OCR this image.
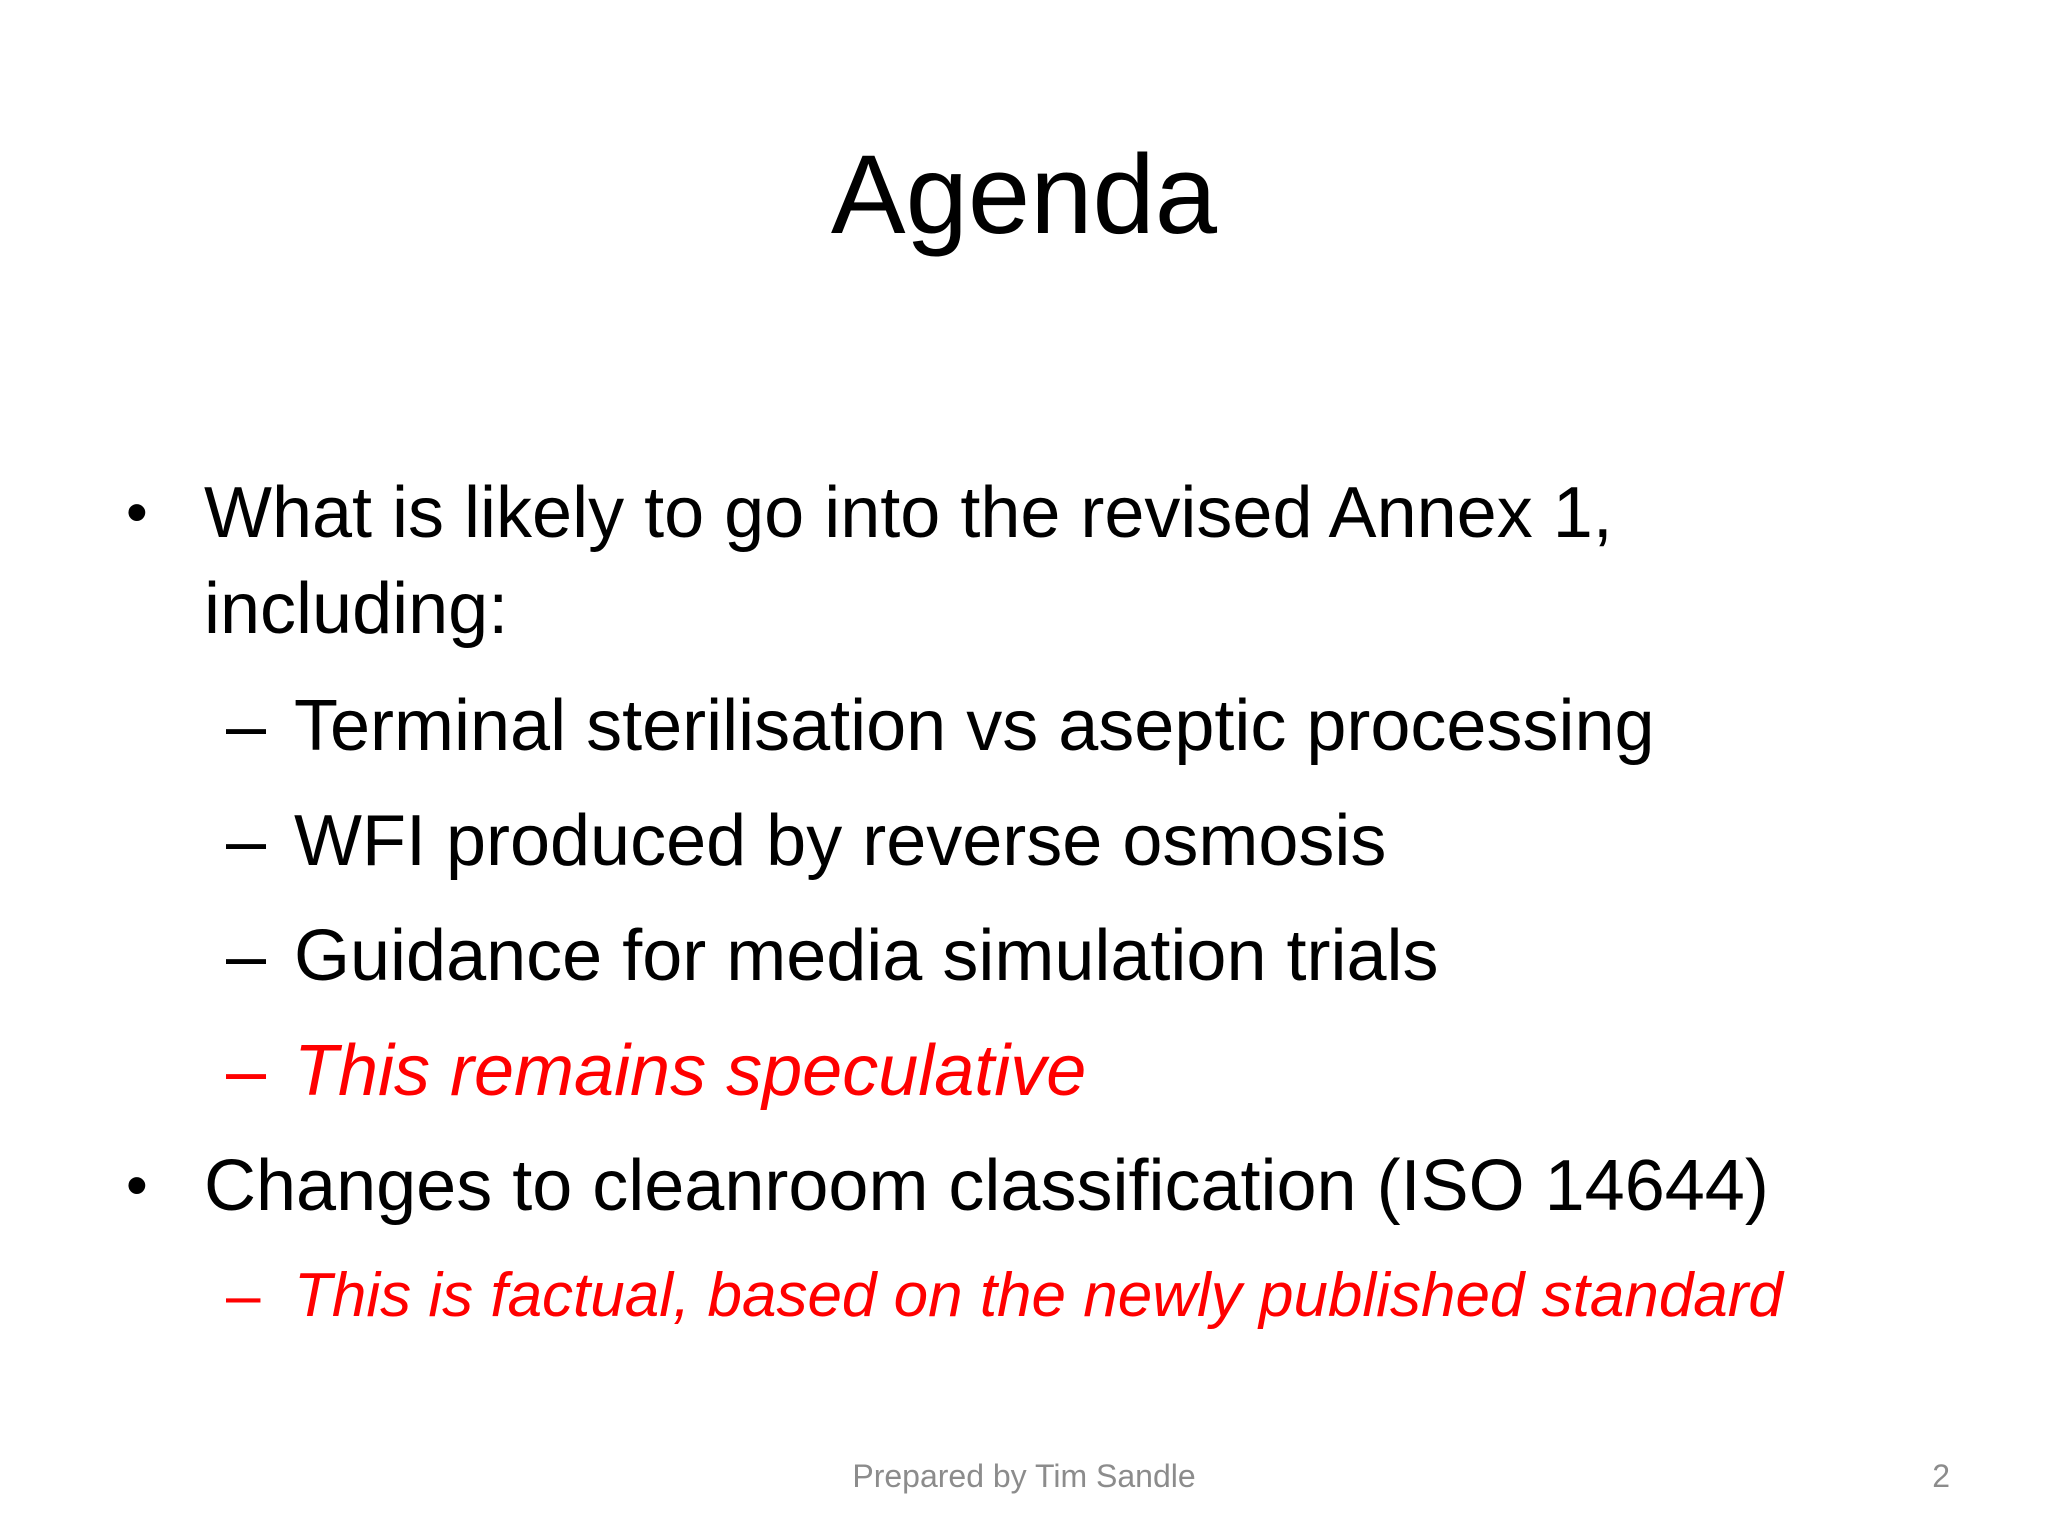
Agenda
• What is likely to go into the revised Annex 1,
including:
– Terminal sterilisation vs aseptic processing
– WFI produced by reverse osmosis
– Guidance for media simulation trials
– This remains speculative
• Changes to cleanroom classification (ISO 14644)
– This is factual, based on the newly published standard
Prepared by Tim Sandle	2
